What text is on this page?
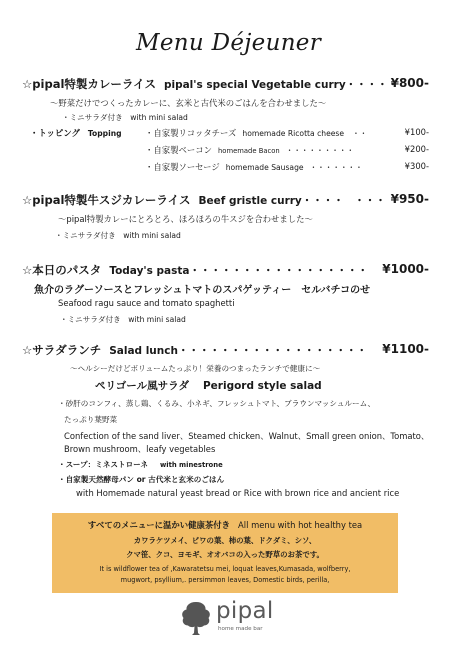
Menu Déjeuner
☆pipal特製カレーライス pipal's special Vegetable curry・・・・・
¥800-
～野菜だけでつくったカレーに、玄米と古代米のごはんを合わせました～
・ミニサラダ付き　with mini salad
・トッピング Topping	・自家製リコッタチーズ homemade Ricotta cheese ・・	¥100-
・自家製ベーコン homemade Bacon ・・・・・・・・・	¥200-
・自家製ソーセージ homemade Sausage ・・・・・・・	¥300-
☆pipal特製牛スジカレーライス Beef gristle curry・・・・　・・・ ¥950-
～pipal特製カレーにとろとろ、ほろほろの牛スジを合わせました～
・ミニサラダ付き　with mini salad
☆本日のパスタ Today's pasta・・・・・・・・・・・・・・・・・ ¥1000-
魚介のラグーソースとフレッシュトマトのスパゲッティー　セルバチコのせ
Seafood ragu sauce and tomato spaghetti
・ミニサラダ付き　with mini salad
☆サラダランチ Salad lunch・・・・・・・・・・・・・・・・・・ ¥1100-
～ヘルシーだけどボリュームたっぷり！栄養のつまったランチで健康に～
ペリゴール風サラダ Perigord style salad
・砂肝のコンフィ、蒸し鶏、くるみ、小ネギ、フレッシュトマト、ブラウンマッシュルーム、
たっぷり葉野菜
Confection of the sand liver、Steamed chicken、Walnut、Small green onion、Tomato、
Brown mushroom、leafy vegetables
・スープ：ミネストローネ with minestrone
・自家製天然酵母パン or 古代米と玄米のごはん
with Homemade natural yeast bread or Rice with brown rice and ancient rice
すべてのメニューに温かい健康茶付き All menu with hot healthy tea
カワラケツメイ、ビワの葉、柿の葉、ドクダミ、シソ、
クマ笹、クコ、ヨモギ、オオバコの入った野草のお茶です。
It is wildflower tea of ,Kawaratetsu mei, loquat leaves,Kumasada, wolfberry,
mugwort, psyllium,. persimmon leaves, Domestic birds, perilla,
pipal
home made bar
